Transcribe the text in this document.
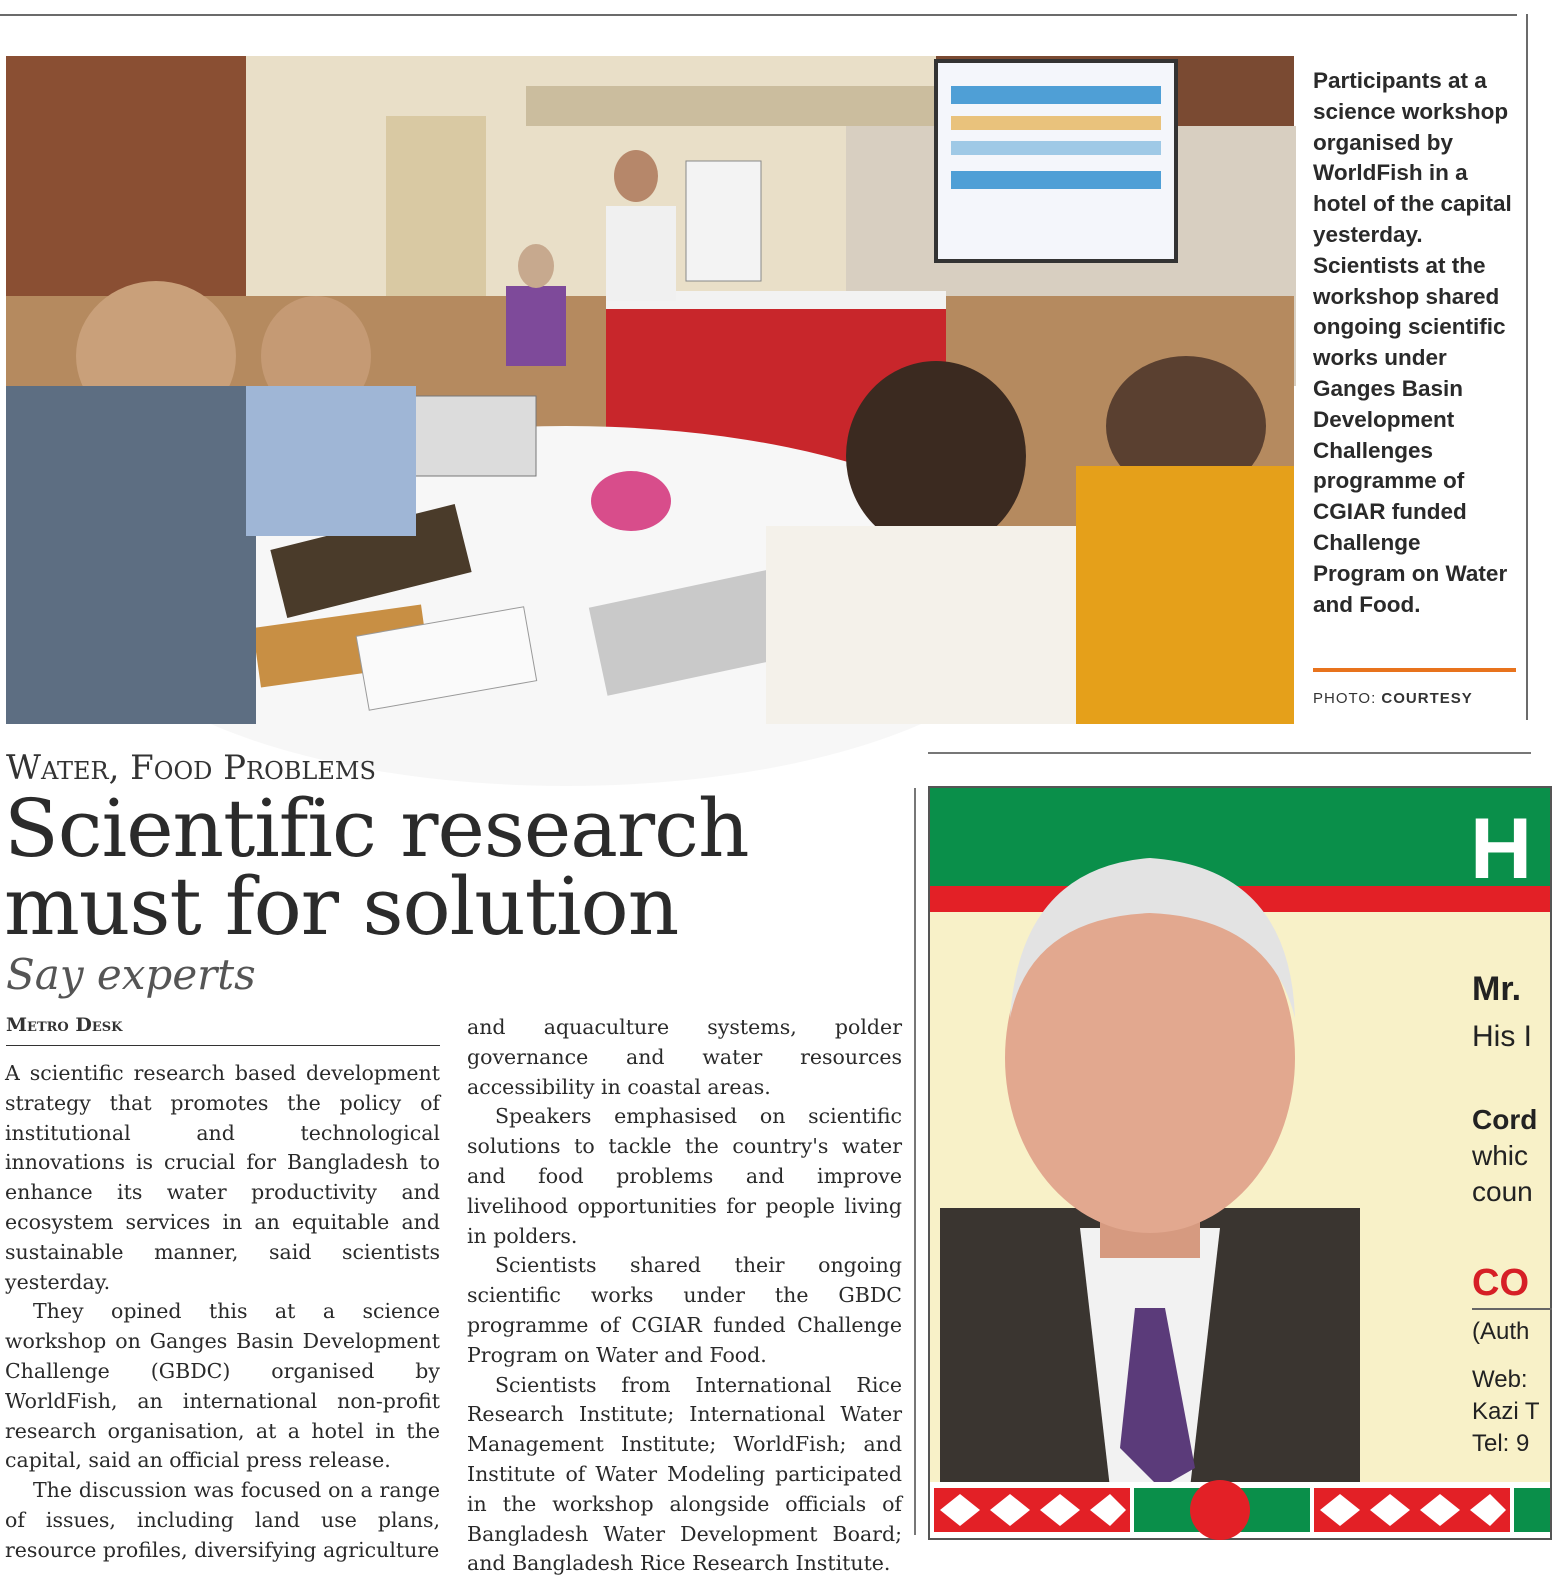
Participants at a science workshop organised by WorldFish in a hotel of the capital yesterday. Scientists at the workshop shared ongoing scientific works under Ganges Basin Development Challenges programme of CGIAR funded Challenge Program on Water and Food.
PHOTO: COURTESY
Water, Food Problems
Scientific research
must for solution
Say experts
Metro Desk

A scientific research based development strategy that promotes the policy of institutional and technological innovations is crucial for Bangladesh to enhance its water productivity and ecosystem services in an equitable and sustainable manner, said scientists yesterday.

They opined this at a science workshop on Ganges Basin Development Challenge (GBDC) organised by WorldFish, an international non-profit research organisation, at a hotel in the capital, said an official press release.

The discussion was focused on a range of issues, including land use plans, resource profiles, diversifying agriculture

and aquaculture systems, polder governance and water resources accessibility in coastal areas.

Speakers emphasised on scientific solutions to tackle the country's water and food problems and improve livelihood opportunities for people living in polders.

Scientists shared their ongoing scientific works under the GBDC programme of CGIAR funded Challenge Program on Water and Food.

Scientists from International Rice Research Institute; International Water Management Institute; WorldFish; and Institute of Water Modeling participated in the workshop alongside officials of Bangladesh Water Development Board; and Bangladesh Rice Research Institute.

H
Mr.
His I
Cord
whic
coun
CO
(Auth
Web:
Kazi T
Tel: 9
